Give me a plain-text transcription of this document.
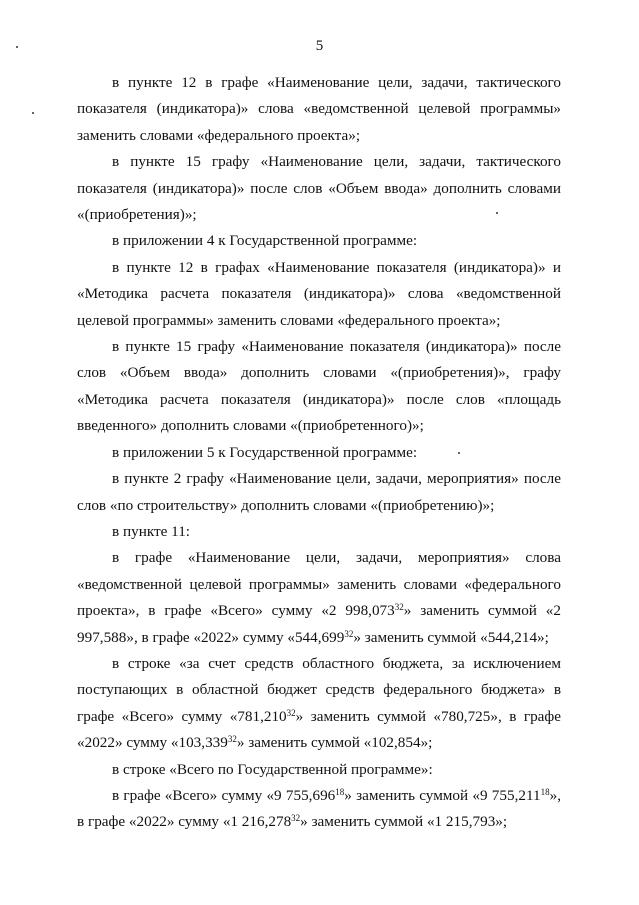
5

в пункте 12 в графе «Наименование цели, задачи, тактического показателя (индикатора)» слова «ведомственной целевой программы» заменить словами «федерального проекта»;

в пункте 15 графу «Наименование цели, задачи, тактического показателя (индикатора)» после слов «Объем ввода» дополнить словами «(приобретения)»;

в приложении 4 к Государственной программе:

в пункте 12 в графах «Наименование показателя (индикатора)» и «Методика расчета показателя (индикатора)» слова «ведомственной целевой программы» заменить словами «федерального проекта»;

в пункте 15 графу «Наименование показателя (индикатора)» после слов «Объем ввода» дополнить словами «(приобретения)», графу «Методика расчета показателя (индикатора)» после слов «площадь введенного» дополнить словами «(приобретенного)»;

в приложении 5 к Государственной программе:

в пункте 2 графу «Наименование цели, задачи, мероприятия» после слов «по строительству» дополнить словами «(приобретению)»;

в пункте 11:

в графе «Наименование цели, задачи, мероприятия» слова «ведомственной целевой программы» заменить словами «федерального проекта», в графе «Всего» сумму «2 998,073$^{32}$» заменить суммой «2 997,588», в графе «2022» сумму «544,699$^{32}$» заменить суммой «544,214»;

в строке «за счет средств областного бюджета, за исключением поступающих в областной бюджет средств федерального бюджета» в графе «Всего» сумму «781,210$^{32}$» заменить суммой «780,725», в графе «2022» сумму «103,339$^{32}$» заменить суммой «102,854»;

в строке «Всего по Государственной программе»:

в графе «Всего» сумму «9 755,696$^{18}$» заменить суммой «9 755,211$^{18}$», в графе «2022» сумму «1 216,278$^{32}$» заменить суммой «1 215,793»;
